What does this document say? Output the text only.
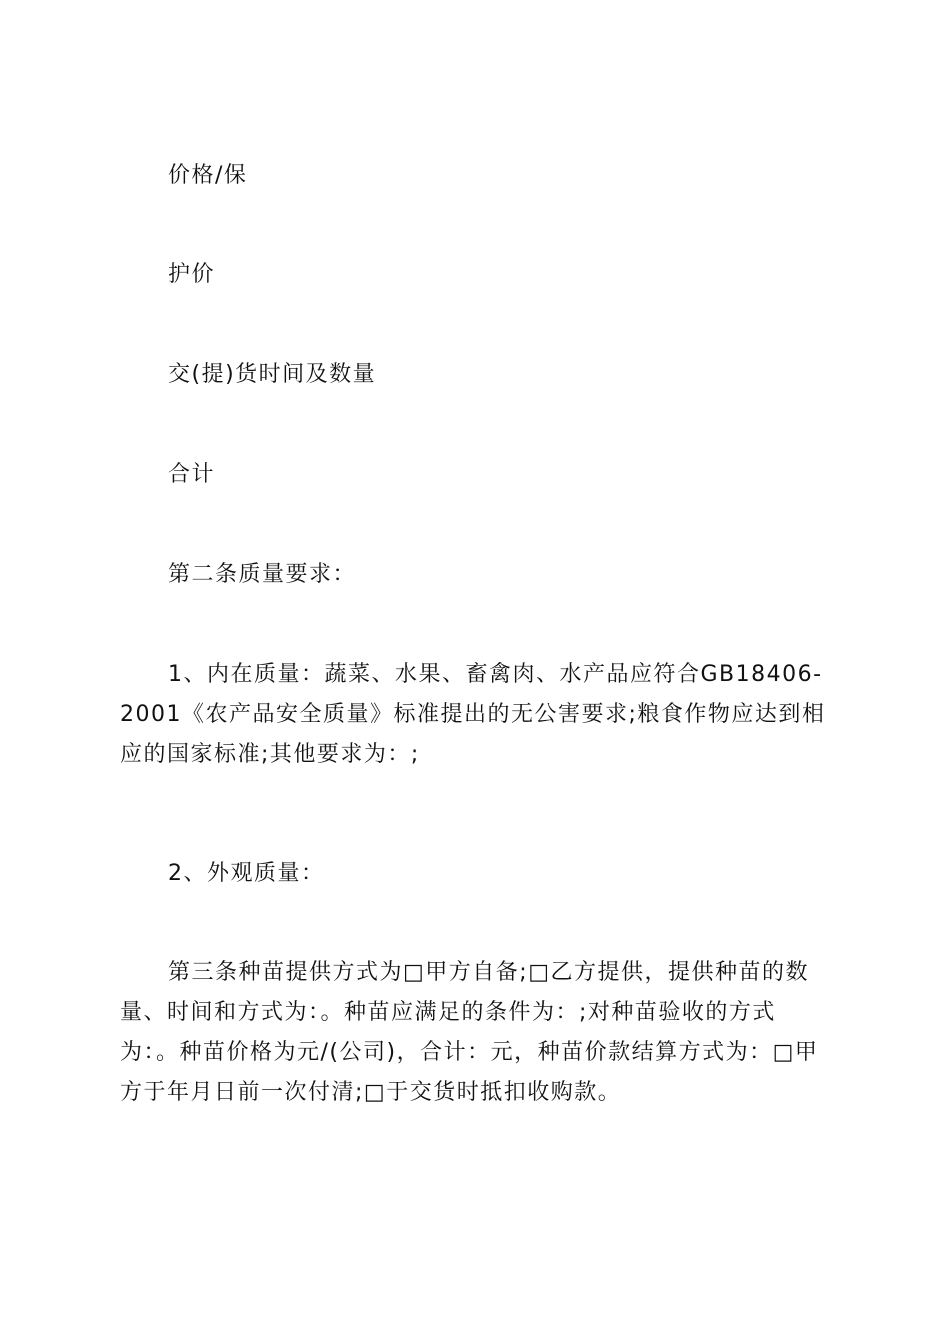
价格/保
护价
交(提)货时间及数量
合计
第二条质量要求：
1、内在质量：蔬菜、水果、畜禽肉、水产品应符合GB18406-2001《农产品安全质量》标准提出的无公害要求;粮食作物应达到相应的国家标准;其他要求为：;
2、外观质量：
第三条种苗提供方式为□甲方自备;□乙方提供，提供种苗的数量、时间和方式为：。种苗应满足的条件为：;对种苗验收的方式为：。种苗价格为元/(公司)，合计：元，种苗价款结算方式为：□甲方于年月日前一次付清;□于交货时抵扣收购款。
